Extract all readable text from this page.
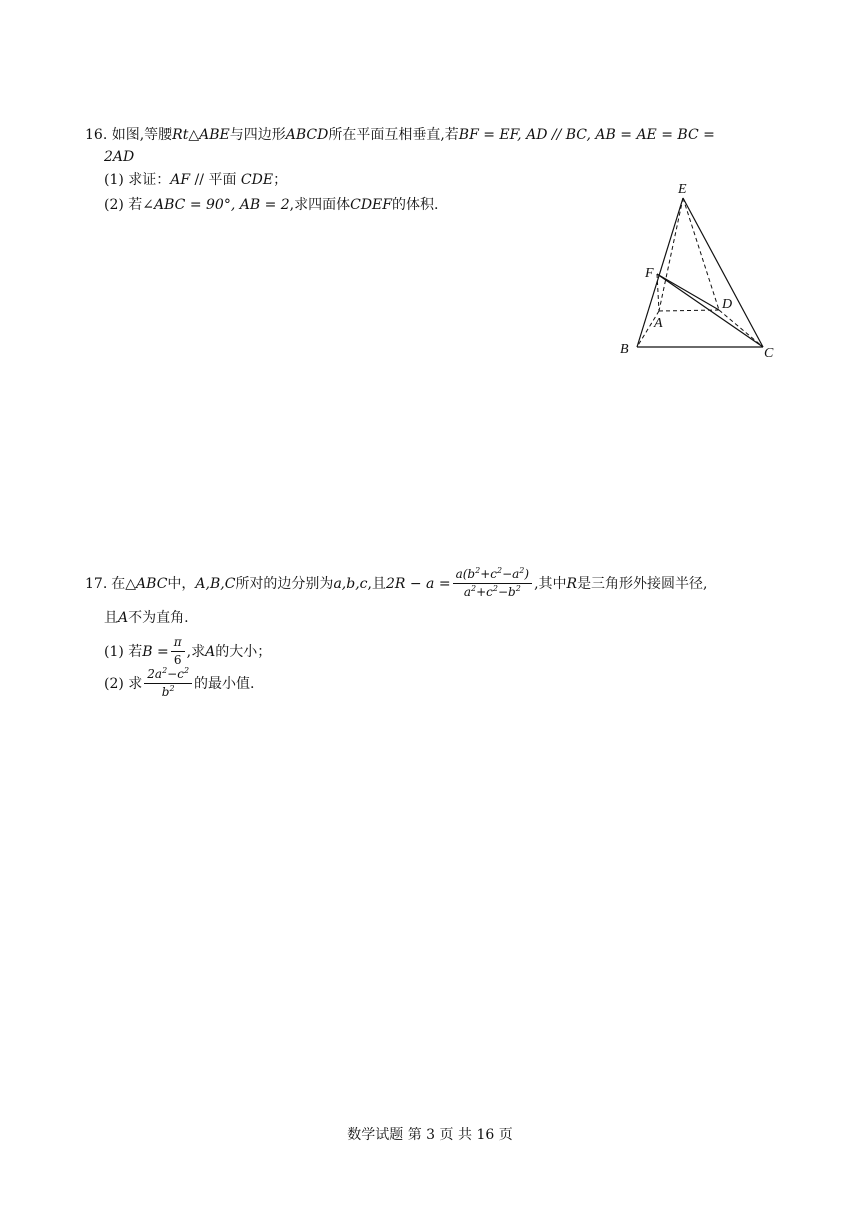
16. 如图,等腰Rt△ABE与四边形ABCD所在平面互相垂直,若BF = EF, AD // BC, AB = AE = BC =
2AD
(1) 求证：AF // 平面 CDE；
(2) 若∠ABC = 90°, AB = 2,求四面体CDEF的体积.
E
F
D
A
B	C
17. 在△ ABC 中， A,B,C 所对的边分别为 a,b,c ,且 $2R - a = \frac{a(b^2+c^2-a^2)}{a^2+c^2-b^2}$ ,其中 R 是三角形外接圆半径,
且A不为直角.
(1) 若 $B = \frac{\pi}{6}$ ,求 A 的大小；
(2) 求 $\frac{2a^2-c^2}{b^2}$ 的最小值.
数学试题 第 3 页 共 16 页
